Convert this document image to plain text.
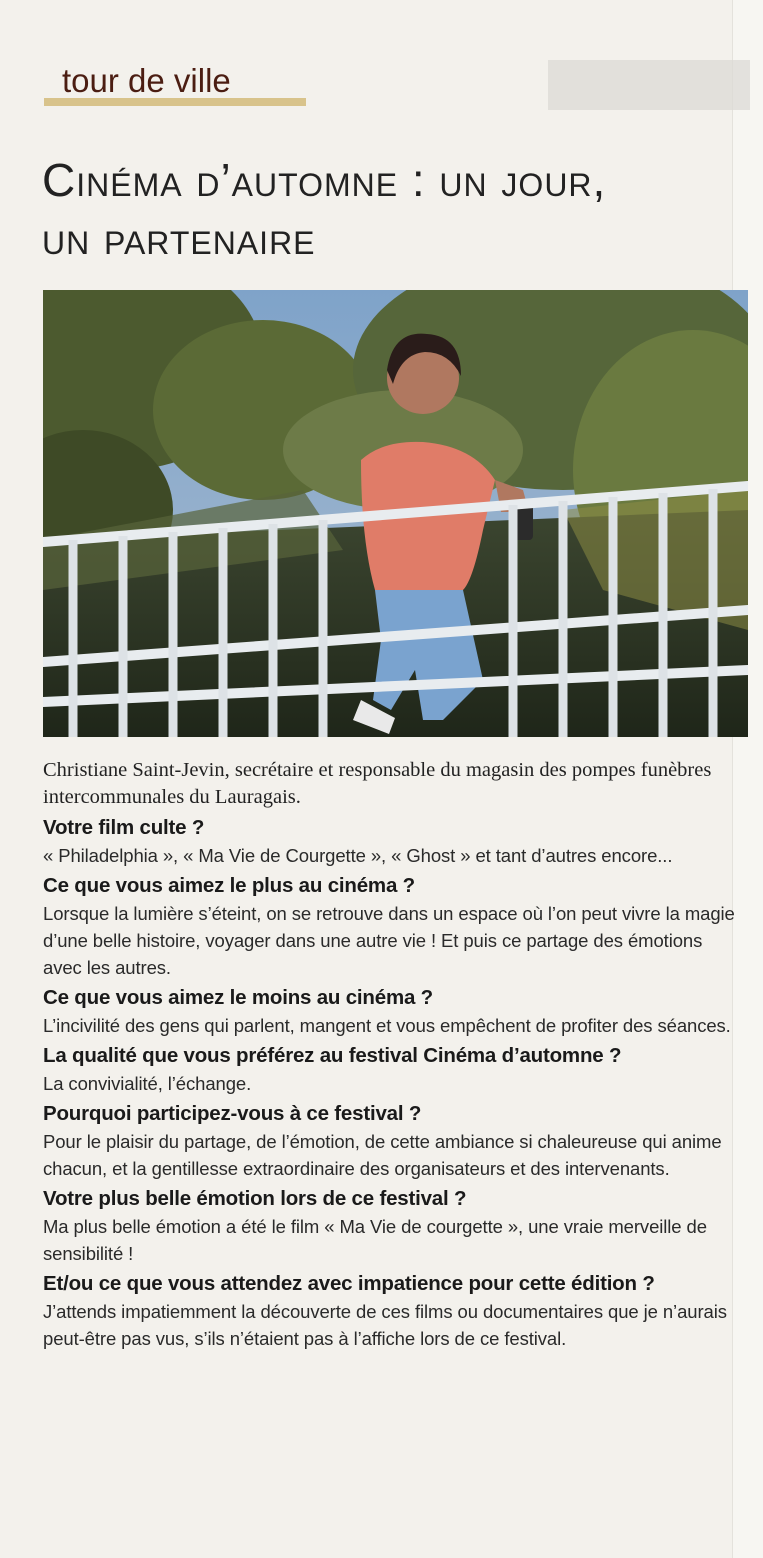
tour de ville
Cinéma d’automne : un jour, un partenaire

Christiane Saint-Jevin, secrétaire et responsable du magasin des pompes funèbres intercommunales du Lauragais.

Votre film culte ?

« Philadelphia », « Ma Vie de Courgette », « Ghost » et tant d’autres encore...

Ce que vous aimez le plus au cinéma ?

Lorsque la lumière s’éteint, on se retrouve dans un espace où l’on peut vivre la magie d’une belle histoire, voyager dans une autre vie ! Et puis ce partage des émotions avec les autres.

Ce que vous aimez le moins au cinéma ?

L’incivilité des gens qui parlent, mangent et vous empêchent de profiter des séances.

La qualité que vous préférez au festival Cinéma d’automne ?

La convivialité, l’échange.

Pourquoi participez-vous à ce festival ?

Pour le plaisir du partage, de l’émotion, de cette ambiance si chaleureuse qui anime chacun, et la gentillesse extraordinaire des organisateurs et des intervenants.

Votre plus belle émotion lors de ce festival ?

Ma plus belle émotion a été le film « Ma Vie de courgette », une vraie merveille de sensibilité !

Et/ou ce que vous attendez avec impatience pour cette édition ?

J’attends impatiemment la découverte de ces films ou documentaires que je n’aurais peut-être pas vus, s’ils n’étaient pas à l’affiche lors de ce festival.
